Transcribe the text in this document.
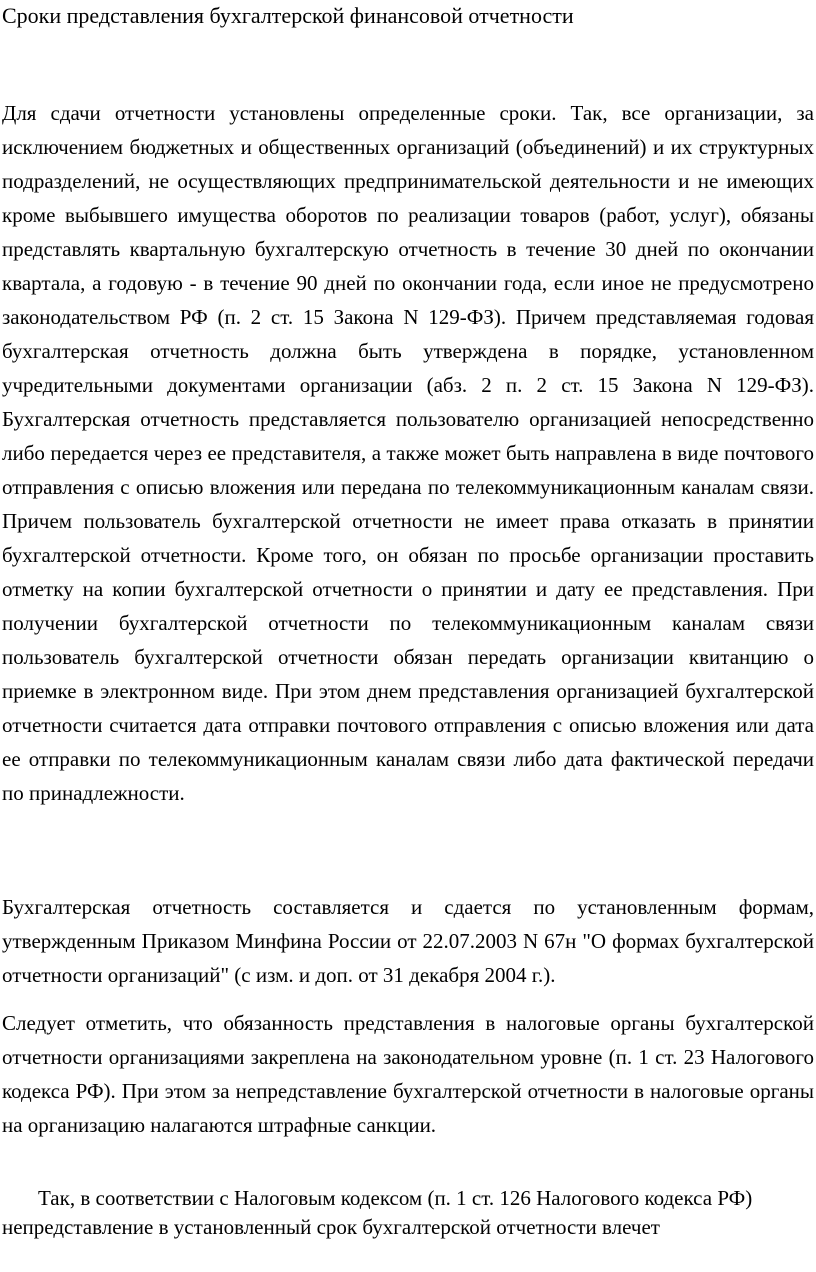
Сроки представления бухгалтерской финансовой отчетности

Для сдачи отчетности установлены определенные сроки. Так, все организации, за исключением бюджетных и общественных организаций (объединений) и их структурных подразделений, не осуществляющих предпринимательской деятельности и не имеющих кроме выбывшего имущества оборотов по реализации товаров (работ, услуг), обязаны представлять квартальную бухгалтерскую отчетность в течение 30 дней по окончании квартала, а годовую - в течение 90 дней по окончании года, если иное не предусмотрено законодательством РФ (п. 2 ст. 15 Закона N 129-ФЗ). Причем представляемая годовая бухгалтерская отчетность должна быть утверждена в порядке, установленном учредительными документами организации (абз. 2 п. 2 ст. 15 Закона N 129-ФЗ). Бухгалтерская отчетность представляется пользователю организацией непосредственно либо передается через ее представителя, а также может быть направлена в виде почтового отправления с описью вложения или передана по телекоммуникационным каналам связи. Причем пользователь бухгалтерской отчетности не имеет права отказать в принятии бухгалтерской отчетности. Кроме того, он обязан по просьбе организации проставить отметку на копии бухгалтерской отчетности о принятии и дату ее представления. При получении бухгалтерской отчетности по телекоммуникационным каналам связи пользователь бухгалтерской отчетности обязан передать организации квитанцию о приемке в электронном виде. При этом днем представления организацией бухгалтерской отчетности считается дата отправки почтового отправления с описью вложения или дата ее отправки по телекоммуникационным каналам связи либо дата фактической передачи по принадлежности.

Бухгалтерская отчетность составляется и сдается по установленным формам, утвержденным Приказом Минфина России от 22.07.2003 N 67н "О формах бухгалтерской отчетности организаций" (с изм. и доп. от 31 декабря 2004 г.).

Следует отметить, что обязанность представления в налоговые органы бухгалтерской отчетности организациями закреплена на законодательном уровне (п. 1 ст. 23 Налогового кодекса РФ). При этом за непредставление бухгалтерской отчетности в налоговые органы на организацию налагаются штрафные санкции.

Так, в соответствии с Налоговым кодексом (п. 1 ст. 126 Налогового кодекса РФ) непредставление в установленный срок бухгалтерской отчетности влечет
